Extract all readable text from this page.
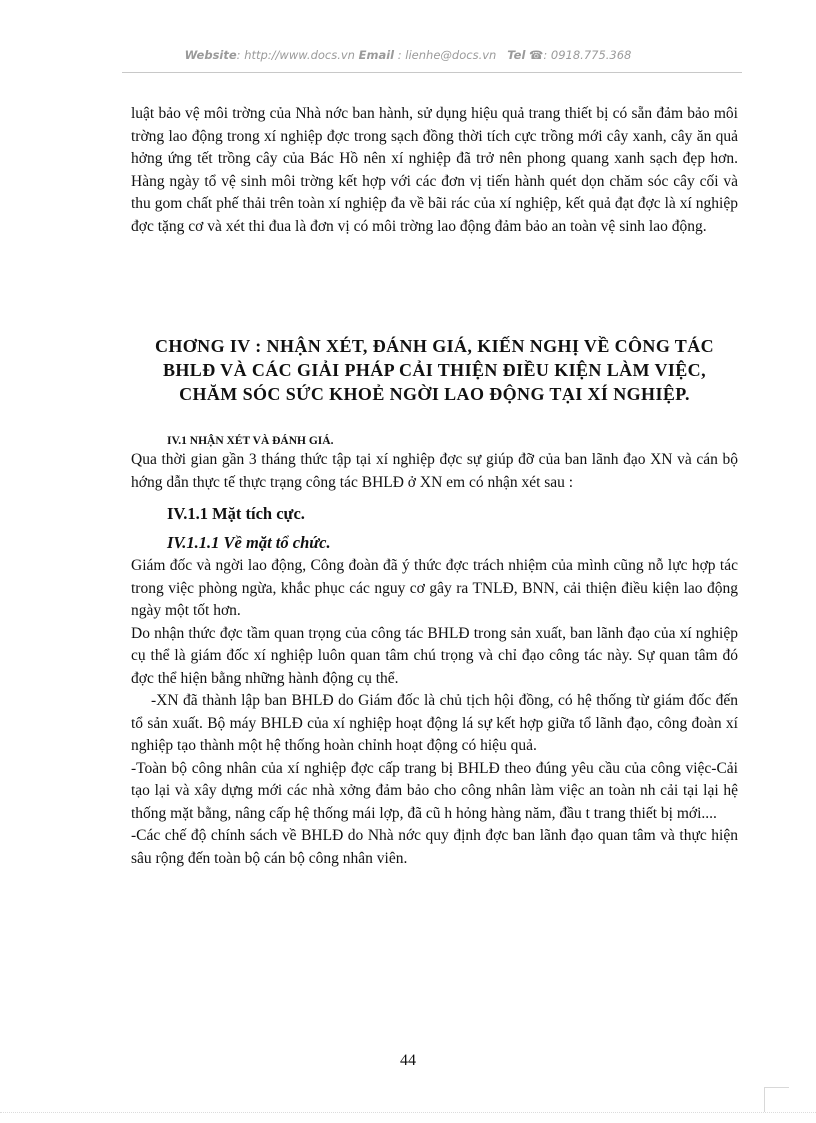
Website: http://www.docs.vn Email : lienhe@docs.vn Tel ☎: 0918.775.368

luật bảo vệ môi trờng của Nhà nớc ban hành, sử dụng hiệu quả trang thiết bị có sẵn đảm bảo môi trờng lao động trong xí nghiệp đợc trong sạch đồng thời tích cực trồng mới cây xanh, cây ăn quả hởng ứng tết trồng cây của Bác Hồ nên xí nghiệp đã trở nên phong quang xanh sạch đẹp hơn. Hàng ngày tổ vệ sinh môi trờng kết hợp với các đơn vị tiến hành quét dọn chăm sóc cây cối và thu gom chất phế thải trên toàn xí nghiệp đa về bãi rác của xí nghiệp, kết quả đạt đợc là xí nghiệp đợc tặng cơ và xét thi đua là đơn vị có môi trờng lao động đảm bảo an toàn vệ sinh lao động.

CHƠNG IV : NHẬN XÉT, ĐÁNH GIÁ, KIẾN NGHỊ VỀ CÔNG TÁC BHLĐ VÀ CÁC GIẢI PHÁP CẢI THIỆN ĐIỀU KIỆN LÀM VIỆC, CHĂM SÓC SỨC KHOẺ NGỜI LAO ĐỘNG TẠI XÍ NGHIỆP.
IV.1 NHẬN XÉT VÀ ĐÁNH GIÁ.

Qua thời gian gần 3 tháng thức tập tại xí nghiệp đợc sự giúp đỡ của ban lãnh đạo XN và cán bộ hớng dẫn thực tế thực trạng công tác BHLĐ ở XN em có nhận xét sau :

IV.1.1 Mặt tích cực.
IV.1.1.1 Về mặt tổ chức.

Giám đốc và ngời lao động, Công đoàn đã ý thức đợc trách nhiệm của mình cũng nỗ lực hợp tác trong việc phòng ngừa, khắc phục các nguy cơ gây ra TNLĐ, BNN, cải thiện điều kiện lao động ngày một tốt hơn.

Do nhận thức đợc tầm quan trọng của công tác BHLĐ trong sản xuất, ban lãnh đạo của xí nghiệp cụ thể là giám đốc xí nghiệp luôn quan tâm chú trọng và chỉ đạo công tác này. Sự quan tâm đó đợc thể hiện bằng những hành động cụ thể.

-XN đã thành lập ban BHLĐ do Giám đốc là chủ tịch hội đồng, có hệ thống từ giám đốc đến tổ sản xuất. Bộ máy BHLĐ của xí nghiệp hoạt động lá sự kết hợp giữa tổ lãnh đạo, công đoàn xí nghiệp tạo thành một hệ thống hoàn chỉnh hoạt động có hiệu quả.

-Toàn bộ công nhân của xí nghiệp đợc cấp trang bị BHLĐ theo đúng yêu cầu của công việc-Cải tạo lại và xây dựng mới các nhà xởng đảm bảo cho công nhân làm việc an toàn nh cải tại lại hệ thống mặt bằng, nâng cấp hệ thống mái lợp, đã cũ h hỏng hàng năm, đầu t trang thiết bị mới....

-Các chế độ chính sách về BHLĐ do Nhà nớc quy định đợc ban lãnh đạo quan tâm và thực hiện sâu rộng đến toàn bộ cán bộ công nhân viên.

44
